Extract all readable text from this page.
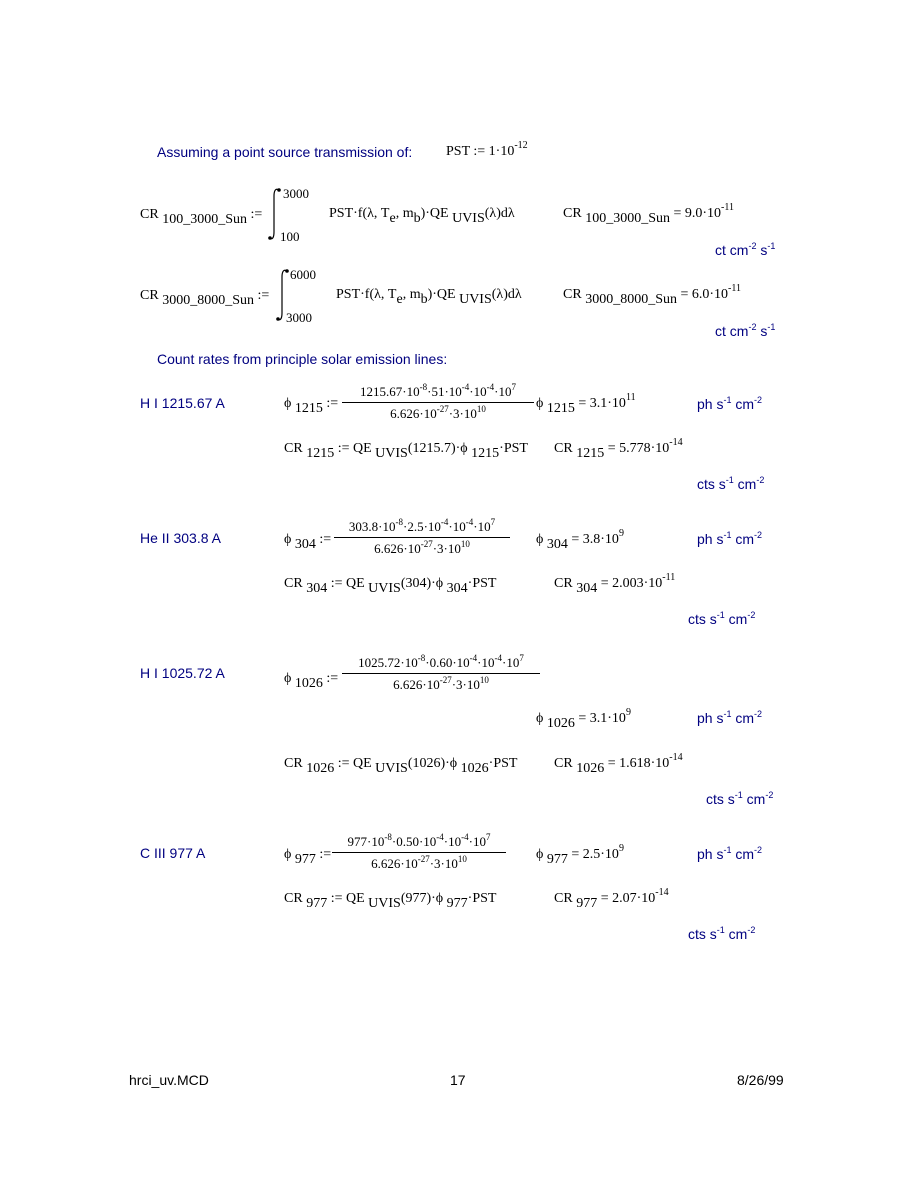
Assuming a point source transmission of: PST := $1\cdot 10^{-12}$
CR $_{100\_3000\_Sun}$ :=
3000
100
PST·f(λ, $T_e$, $m_b)\cdot QE$ $_{UVIS}$(λ)dλ	CR $_{100\_3000\_Sun} = 9.0\cdot 10^{-11}$
ct $cm^{-2}$ $s^{-1}$
CR $_{3000\_8000\_Sun}$ :=
6000
3000
PST·f(λ, $T_e$, $m_b)\cdot QE$ $_{UVIS}$(λ)dλ	CR $_{3000\_8000\_Sun} = 6.0\cdot 10^{-11}$
ct $cm^{-2}$ $s^{-1}$
Count rates from principle solar emission lines:
H I 1215.67 A	ϕ $_{1215}$ := $\frac{1215.67\cdot 10^{-8}\cdot 51\cdot 10^{-4}\cdot 10^{-4}\cdot 10^7}{6.626\cdot 10^{-27}\cdot 3\cdot 10^{10}}$ ϕ $_{1215} = 3.1\cdot 10^{11}$	ph $s^{-1}$ $cm^{-2}$
CR $_{1215}$ := QE $_{UVIS}$(1215.7)·ϕ $_{1215}$·PST CR $_{1215} = 5.778\cdot 10^{-14}$
cts $s^{-1}$ $cm^{-2}$
He II 303.8 A	ϕ $_{304}$ := $\frac{303.8\cdot 10^{-8}\cdot 2.5\cdot 10^{-4}\cdot 10^{-4}\cdot 10^7}{6.626\cdot 10^{-27}\cdot 3\cdot 10^{10}}$ ϕ $_{304} = 3.8\cdot 10^9$	ph $s^{-1}$ $cm^{-2}$
CR $_{304}$ := QE $_{UVIS}$(304)·ϕ $_{304}$·PST	CR $_{304} = 2.003\cdot 10^{-11}$
cts $s^{-1}$ $cm^{-2}$
H I 1025.72 A	ϕ $_{1026}$ := $\frac{1025.72\cdot 10^{-8}\cdot 0.60\cdot 10^{-4}\cdot 10^{-4}\cdot 10^7}{6.626\cdot 10^{-27}\cdot 3\cdot 10^{10}}$
ϕ $_{1026} = 3.1\cdot 10^9$	ph $s^{-1}$ $cm^{-2}$
CR $_{1026}$ := QE $_{UVIS}$(1026)·ϕ $_{1026}$·PST	CR $_{1026} = 1.618\cdot 10^{-14}$
cts $s^{-1}$ $cm^{-2}$
C III 977 A	ϕ $_{977}$ := $\frac{977\cdot 10^{-8}\cdot 0.50\cdot 10^{-4}\cdot 10^{-4}\cdot 10^7}{6.626\cdot 10^{-27}\cdot 3\cdot 10^{10}}$ ϕ $_{977} = 2.5\cdot 10^9$	ph $s^{-1}$ $cm^{-2}$
CR $_{977}$ := QE $_{UVIS}$(977)·ϕ $_{977}$·PST	CR $_{977} = 2.07\cdot 10^{-14}$
cts $s^{-1}$ $cm^{-2}$
hrci_uv.MCD	17	8/26/99
